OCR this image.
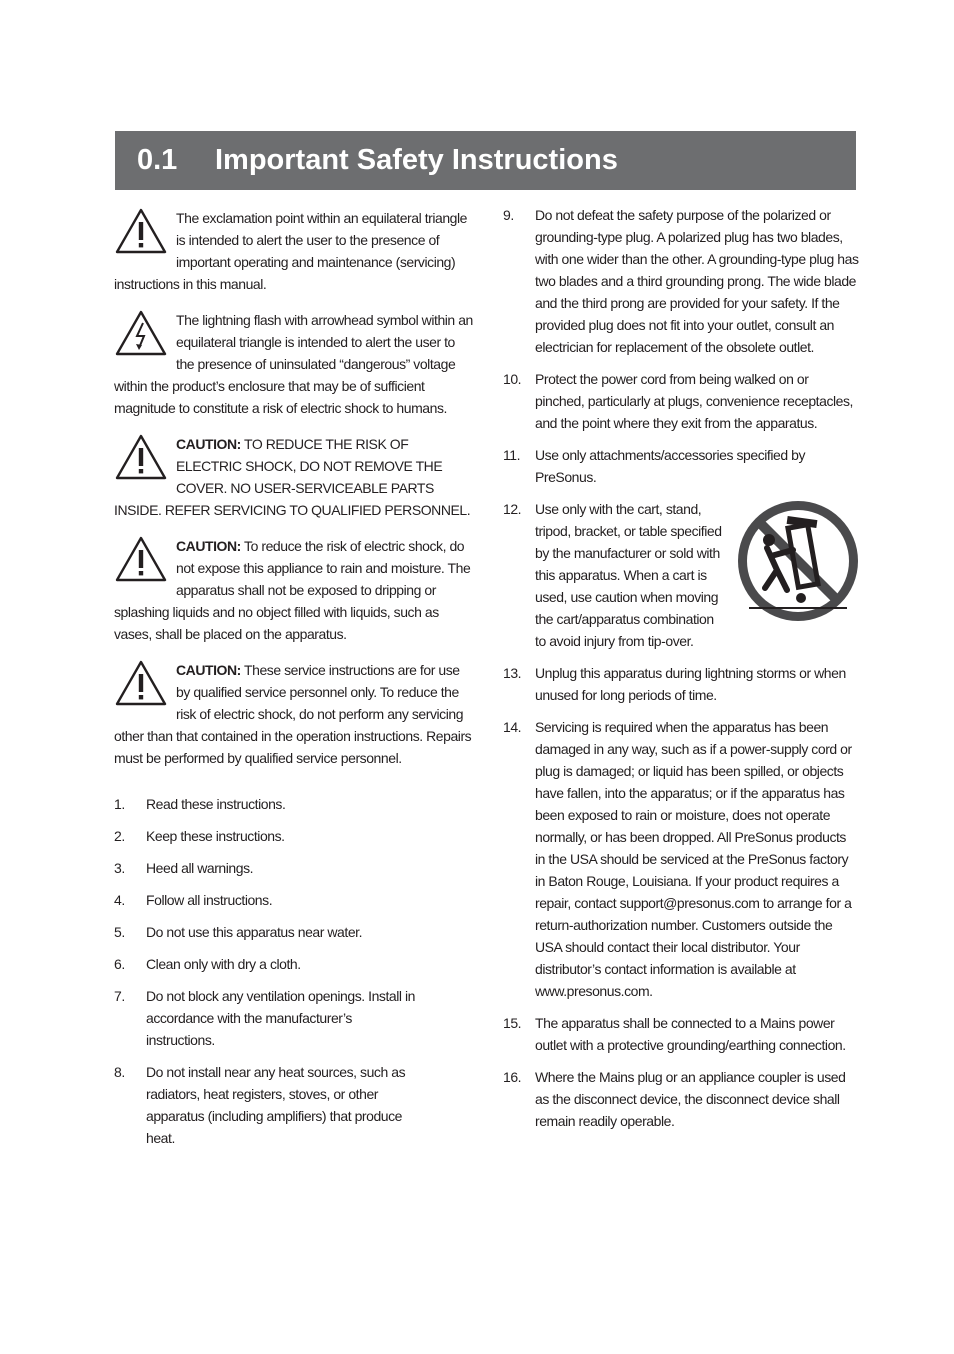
0.1 Important Safety Instructions
The exclamation point within an equilateral triangle is intended to alert the user to the presence of important operating and maintenance (servicing) instructions in this manual.
The lightning flash with arrowhead symbol within an equilateral triangle is intended to alert the user to the presence of uninsulated “dangerous” voltage within the product’s enclosure that may be of sufficient magnitude to constitute a risk of electric shock to humans.
CAUTION: TO REDUCE THE RISK OF ELECTRIC SHOCK, DO NOT REMOVE THE COVER. NO USER-SERVICEABLE PARTS INSIDE. REFER SERVICING TO QUALIFIED PERSONNEL.
CAUTION: To reduce the risk of electric shock, do not expose this appliance to rain and moisture. The apparatus shall not be exposed to dripping or splashing liquids and no object filled with liquids, such as vases, shall be placed on the apparatus.
CAUTION: These service instructions are for use by qualified service personnel only. To reduce the risk of electric shock, do not perform any servicing other than that contained in the operation instructions. Repairs must be performed by qualified service personnel.
1. Read these instructions.
2. Keep these instructions.
3. Heed all warnings.
4. Follow all instructions.
5. Do not use this apparatus near water.
6. Clean only with dry a cloth.
7. Do not block any ventilation openings. Install in accordance with the manufacturer’s instructions.
8. Do not install near any heat sources, such as radiators, heat registers, stoves, or other apparatus (including amplifiers) that produce heat.
9. Do not defeat the safety purpose of the polarized or grounding-type plug. A polarized plug has two blades, with one wider than the other. A grounding-type plug has two blades and a third grounding prong. The wide blade and the third prong are provided for your safety. If the provided plug does not fit into your outlet, consult an electrician for replacement of the obsolete outlet.
10. Protect the power cord from being walked on or pinched, particularly at plugs, convenience receptacles, and the point where they exit from the apparatus.
11. Use only attachments/accessories specified by PreSonus.
12. Use only with the cart, stand, tripod, bracket, or table specified by the manufacturer or sold with this apparatus. When a cart is used, use caution when moving the cart/apparatus combination to avoid injury from tip-over.
13. Unplug this apparatus during lightning storms or when unused for long periods of time.
14. Servicing is required when the apparatus has been damaged in any way, such as if a power-supply cord or plug is damaged; or liquid has been spilled, or objects have fallen, into the apparatus; or if the apparatus has been exposed to rain or moisture, does not operate normally, or has been dropped. All PreSonus products in the USA should be serviced at the PreSonus factory in Baton Rouge, Louisiana. If your product requires a repair, contact support@presonus.com to arrange for a return-authorization number. Customers outside the USA should contact their local distributor. Your distributor’s contact information is available at www.presonus.com.
15. The apparatus shall be connected to a Mains power outlet with a protective grounding/earthing connection.
16. Where the Mains plug or an appliance coupler is used as the disconnect device, the disconnect device shall remain readily operable.
